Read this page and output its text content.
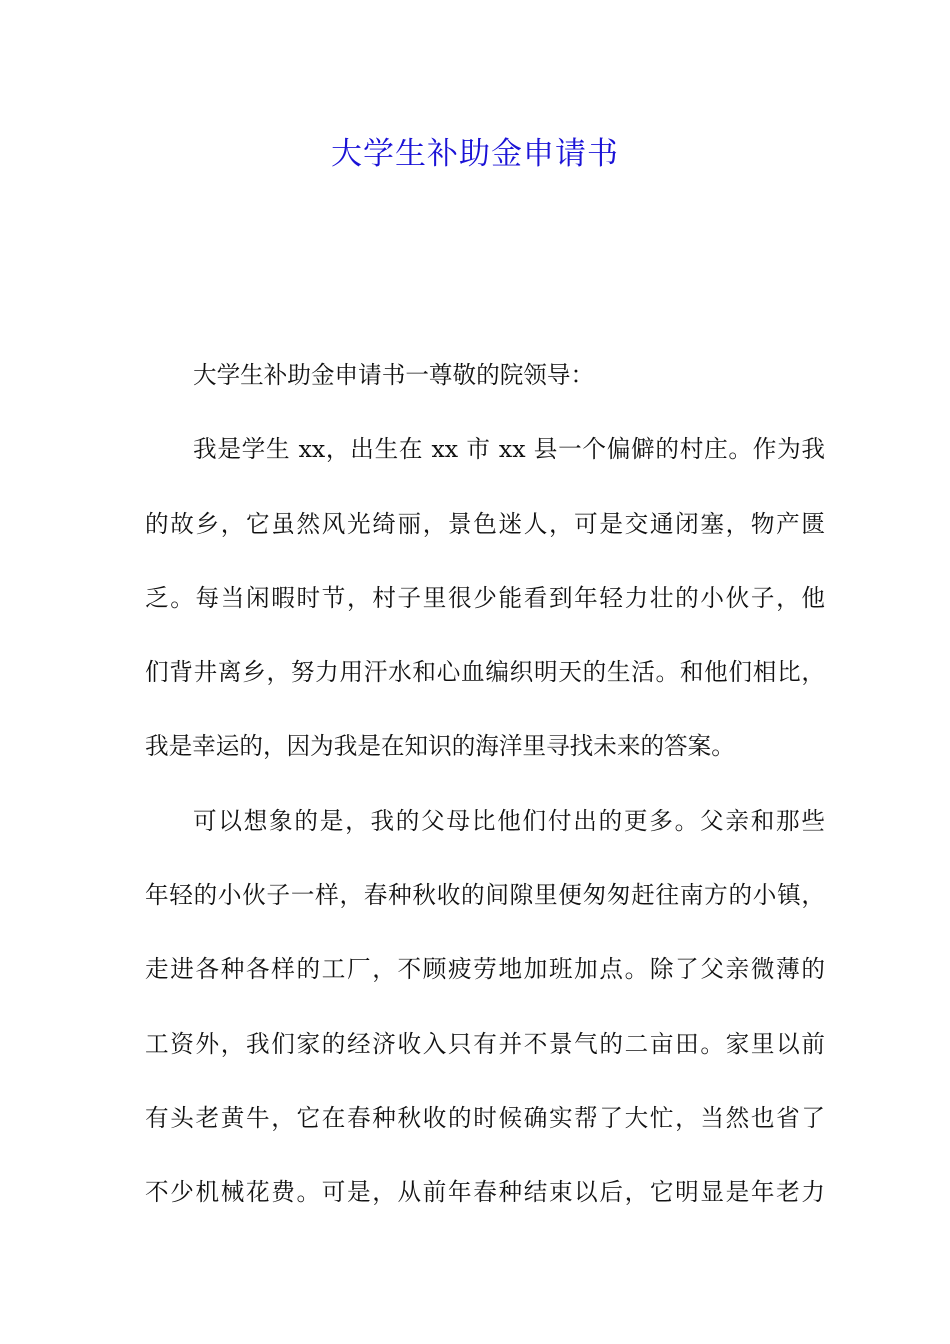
大学生补助金申请书
大学生补助金申请书一尊敬的院领导：
我是学生 xx，出生在 xx 市 xx 县一个偏僻的村庄。作为我
的故乡，它虽然风光绮丽，景色迷人，可是交通闭塞，物产匮
乏。每当闲暇时节，村子里很少能看到年轻力壮的小伙子，他
们背井离乡，努力用汗水和心血编织明天的生活。和他们相比，
我是幸运的，因为我是在知识的海洋里寻找未来的答案。
可以想象的是，我的父母比他们付出的更多。父亲和那些
年轻的小伙子一样，春种秋收的间隙里便匆匆赶往南方的小镇，
走进各种各样的工厂，不顾疲劳地加班加点。除了父亲微薄的
工资外，我们家的经济收入只有并不景气的二亩田。家里以前
有头老黄牛，它在春种秋收的时候确实帮了大忙，当然也省了
不少机械花费。可是，从前年春种结束以后，它明显是年老力
